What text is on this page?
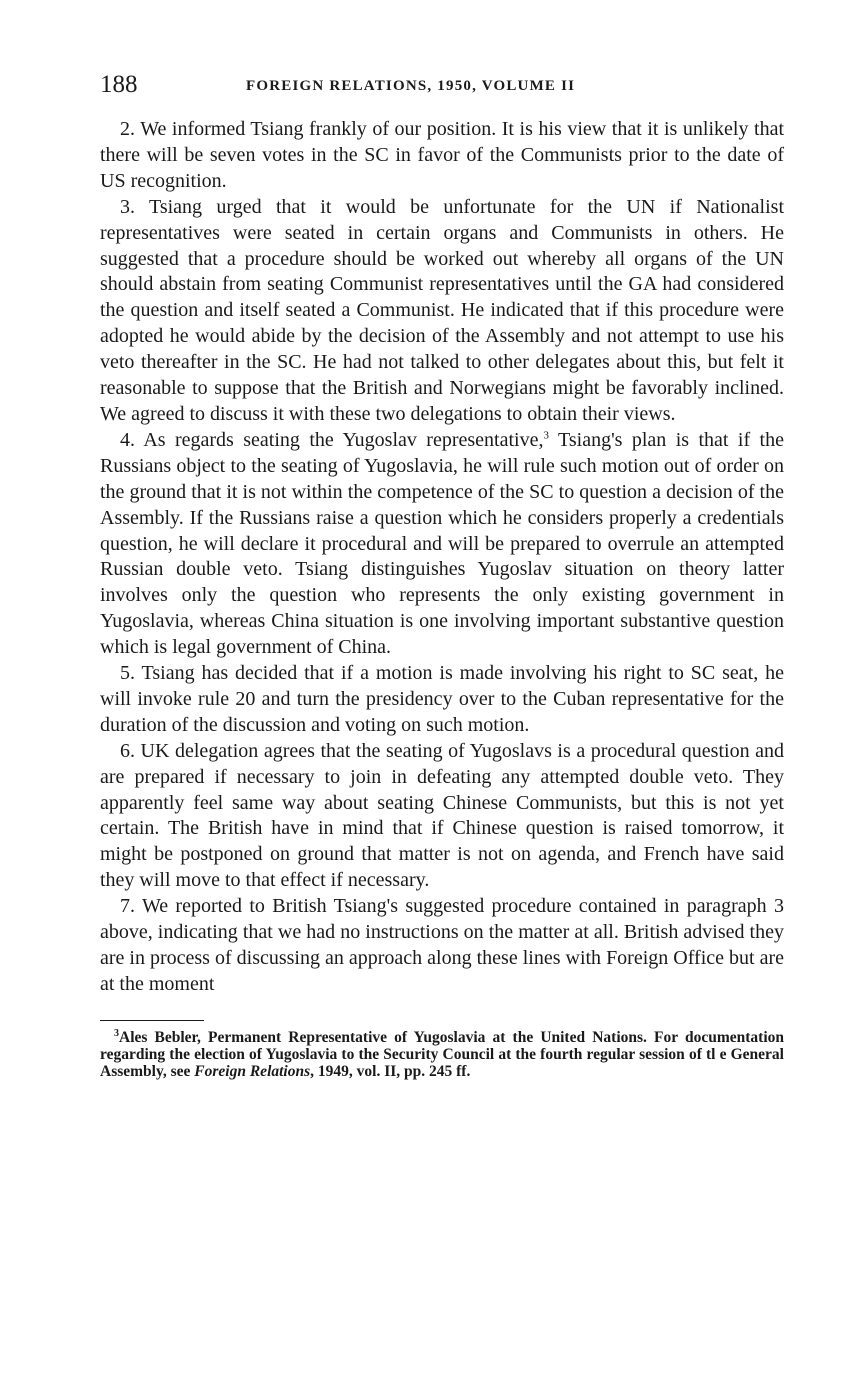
188	FOREIGN RELATIONS, 1950, VOLUME II

2. We informed Tsiang frankly of our position. It is his view that it is unlikely that there will be seven votes in the SC in favor of the Communists prior to the date of US recognition.

3. Tsiang urged that it would be unfortunate for the UN if Nationalist representatives were seated in certain organs and Communists in others. He suggested that a procedure should be worked out whereby all organs of the UN should abstain from seating Communist representatives until the GA had considered the question and itself seated a Communist. He indicated that if this procedure were adopted he would abide by the decision of the Assembly and not attempt to use his veto thereafter in the SC. He had not talked to other delegates about this, but felt it reasonable to suppose that the British and Norwegians might be favorably inclined. We agreed to discuss it with these two delegations to obtain their views.

4. As regards seating the Yugoslav representative,$^3$ Tsiang's plan is that if the Russians object to the seating of Yugoslavia, he will rule such motion out of order on the ground that it is not within the competence of the SC to question a decision of the Assembly. If the Russians raise a question which he considers properly a credentials question, he will declare it procedural and will be prepared to overrule an attempted Russian double veto. Tsiang distinguishes Yugoslav situation on theory latter involves only the question who represents the only existing government in Yugoslavia, whereas China situation is one involving important substantive question which is legal government of China.

5. Tsiang has decided that if a motion is made involving his right to SC seat, he will invoke rule 20 and turn the presidency over to the Cuban representative for the duration of the discussion and voting on such motion.

6. UK delegation agrees that the seating of Yugoslavs is a procedural question and are prepared if necessary to join in defeating any attempted double veto. They apparently feel same way about seating Chinese Communists, but this is not yet certain. The British have in mind that if Chinese question is raised tomorrow, it might be postponed on ground that matter is not on agenda, and French have said they will move to that effect if necessary.

7. We reported to British Tsiang's suggested procedure contained in paragraph 3 above, indicating that we had no instructions on the matter at all. British advised they are in process of discussing an approach along these lines with Foreign Office but are at the moment

$^3$Ales Bebler, Permanent Representative of Yugoslavia at the United Nations. For documentation regarding the election of Yugoslavia to the Security Council at the fourth regular session of tl e General Assembly, see Foreign Relations, 1949, vol. II, pp. 245 ff.
